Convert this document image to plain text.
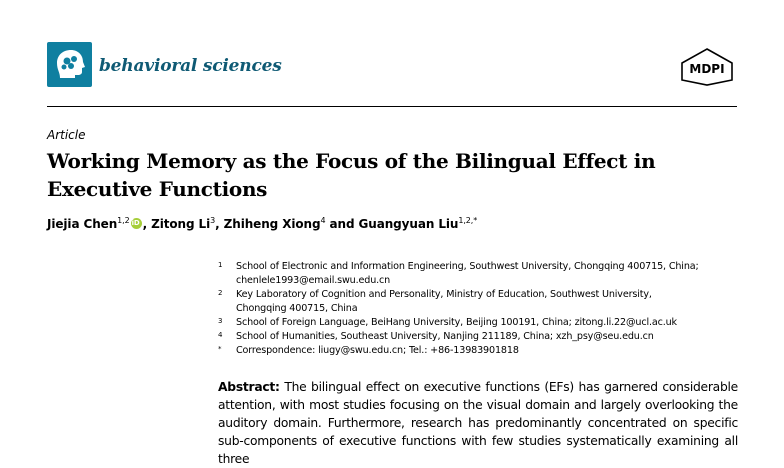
behavioral sciences	MDPI
Article
Working Memory as the Focus of the Bilingual Effect in
Executive Functions
Jiejia Chen$^{1,2}$iD , Zitong Li$^3$, Zhiheng Xiong$^4$ and Guangyuan Liu$^{1,2,*}$
1 School of Electronic and Information Engineering, Southwest University, Chongqing 400715, China;
chenlele1993@email.swu.edu.cn
2 Key Laboratory of Cognition and Personality, Ministry of Education, Southwest University,
Chongqing 400715, China
3 School of Foreign Language, BeiHang University, Beijing 100191, China; zitong.li.22@ucl.ac.uk
4 School of Humanities, Southeast University, Nanjing 211189, China; xzh_psy@seu.edu.cn
* Correspondence: liugy@swu.edu.cn; Tel.: +86-13983901818
Abstract: The bilingual effect on executive functions (EFs) has garnered considerable attention, with most studies focusing on the visual domain and largely overlooking the auditory domain. Furthermore, research has predominantly concentrated on specific sub-components of executive functions with few studies systematically examining all three
